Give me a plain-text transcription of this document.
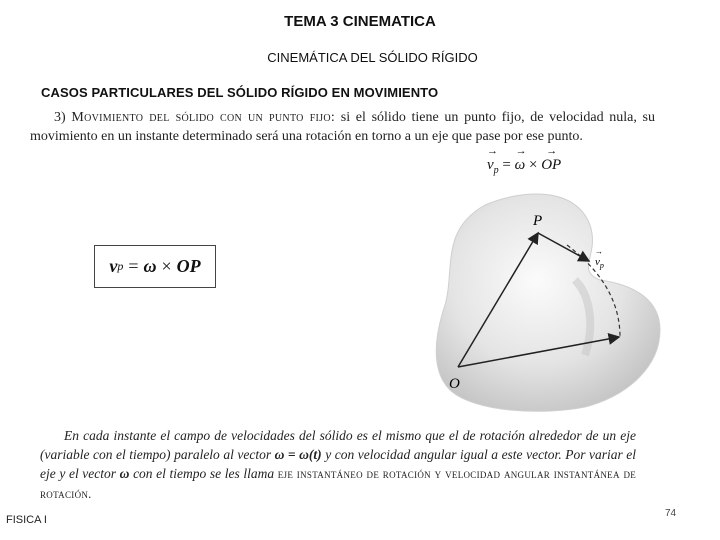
TEMA 3 CINEMATICA
CINEMÁTICA DEL SÓLIDO RÍGIDO
CASOS PARTICULARES DEL SÓLIDO RÍGIDO EN MOVIMIENTO
3) Movimiento del sólido con un punto fijo: si el sólido tiene un punto fijo, de velocidad nula, su movimiento en un instante determinado será una rotación en torno a un eje que pase por ese punto.
→
$v_p$ =
→
ω ×
→
OP
v p = ω × OP
P
O
$v_p$
→
En cada instante el campo de velocidades del sólido es el mismo que el de rotación alrededor de un eje (variable con el tiempo) paralelo al vector ω = ω(t) y con velocidad angular igual a este vector. Por variar el eje y el vector ω con el tiempo se les llama eje instantáneo de rotación y velocidad angular instantánea de rotación.
FISICA I
74
